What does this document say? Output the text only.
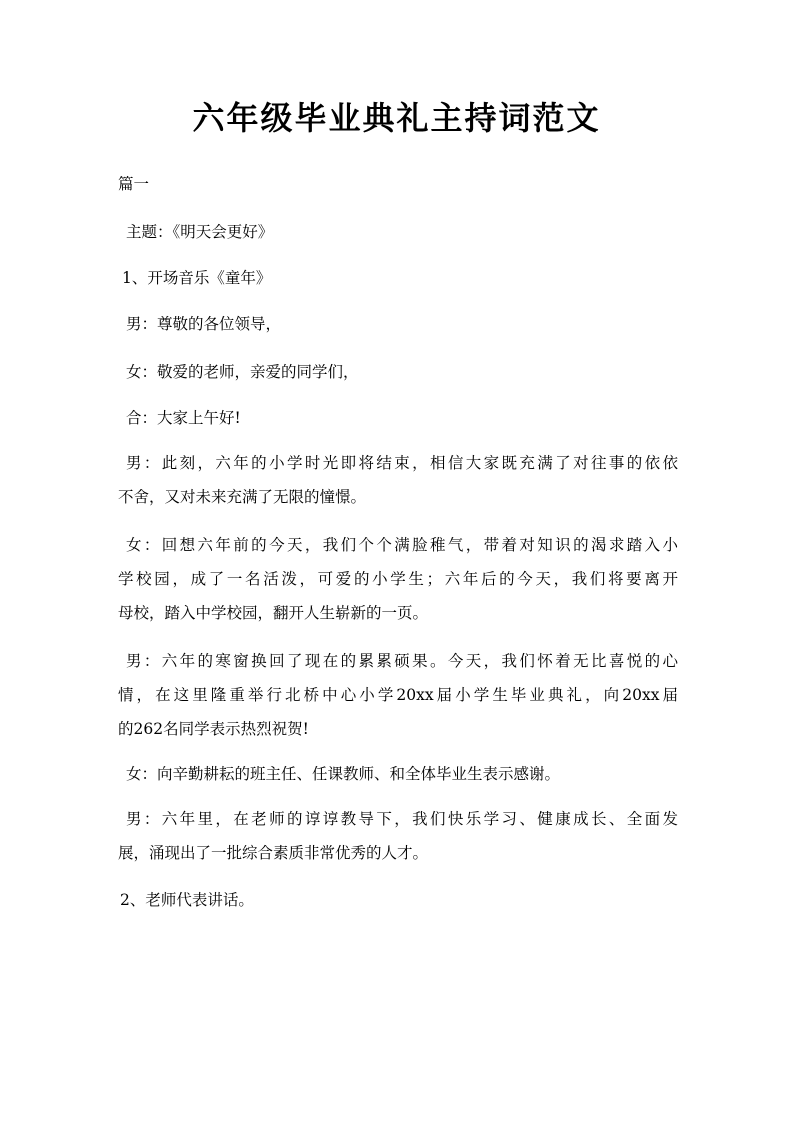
六年级毕业典礼主持词范文
篇一
主题：《明天会更好》
1、开场音乐《童年》
男：尊敬的各位领导，
女：敬爱的老师，亲爱的同学们，
合：大家上午好!
男：此刻，六年的小学时光即将结束，相信大家既充满了对往事的依依
不舍，又对未来充满了无限的憧憬。
女：回想六年前的今天，我们个个满脸稚气，带着对知识的渴求踏入小
学校园，成了一名活泼，可爱的小学生；六年后的今天，我们将要离开
母校，踏入中学校园，翻开人生崭新的一页。
男：六年的寒窗换回了现在的累累硕果。今天，我们怀着无比喜悦的心
情，在这里隆重举行北桥中心小学20xx届小学生毕业典礼，向20xx届
的262名同学表示热烈祝贺!
女：向辛勤耕耘的班主任、任课教师、和全体毕业生表示感谢。
男：六年里，在老师的谆谆教导下，我们快乐学习、健康成长、全面发
展，涌现出了一批综合素质非常优秀的人才。
2、老师代表讲话。
